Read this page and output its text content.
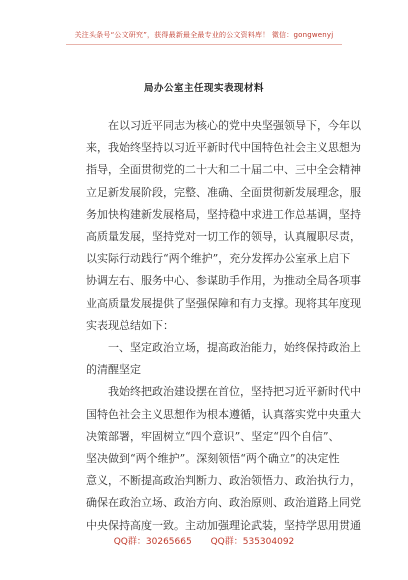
关注头条号“公文研究”，获得最新最全最专业的公文资料库！ 微信：gongwenyj
局办公室主任现实表现材料
　　在以习近平同志为核心的党中央坚强领导下，今年以
来，我始终坚持以习近平新时代中国特色社会主义思想为
指导，全面贯彻党的二十大和二十届二中、三中全会精神
立足新发展阶段，完整、准确、全面贯彻新发展理念，服
务加快构建新发展格局，坚持稳中求进工作总基调，坚持
高质量发展，坚持党对一切工作的领导，认真履职尽责，
以实际行动践行“两个维护”，充分发挥办公室承上启下
协调左右、服务中心、参谋助手作用，为推动全局各项事
业高质量发展提供了坚强保障和有力支撑。现将其年度现
实表现总结如下：
　　一、坚定政治立场，提高政治能力，始终保持政治上
的清醒坚定
　　我始终把政治建设摆在首位，坚持把习近平新时代中
国特色社会主义思想作为根本遵循，认真落实党中央重大
决策部署，牢固树立“四个意识”、坚定“四个自信”、
坚决做到“两个维护”。深刻领悟“两个确立”的决定性
意义，不断提高政治判断力、政治领悟力、政治执行力，
确保在政治立场、政治方向、政治原则、政治道路上同党
中央保持高度一致。主动加强理论武装，坚持学思用贯通
QQ群：30265665 QQ群：535304092
